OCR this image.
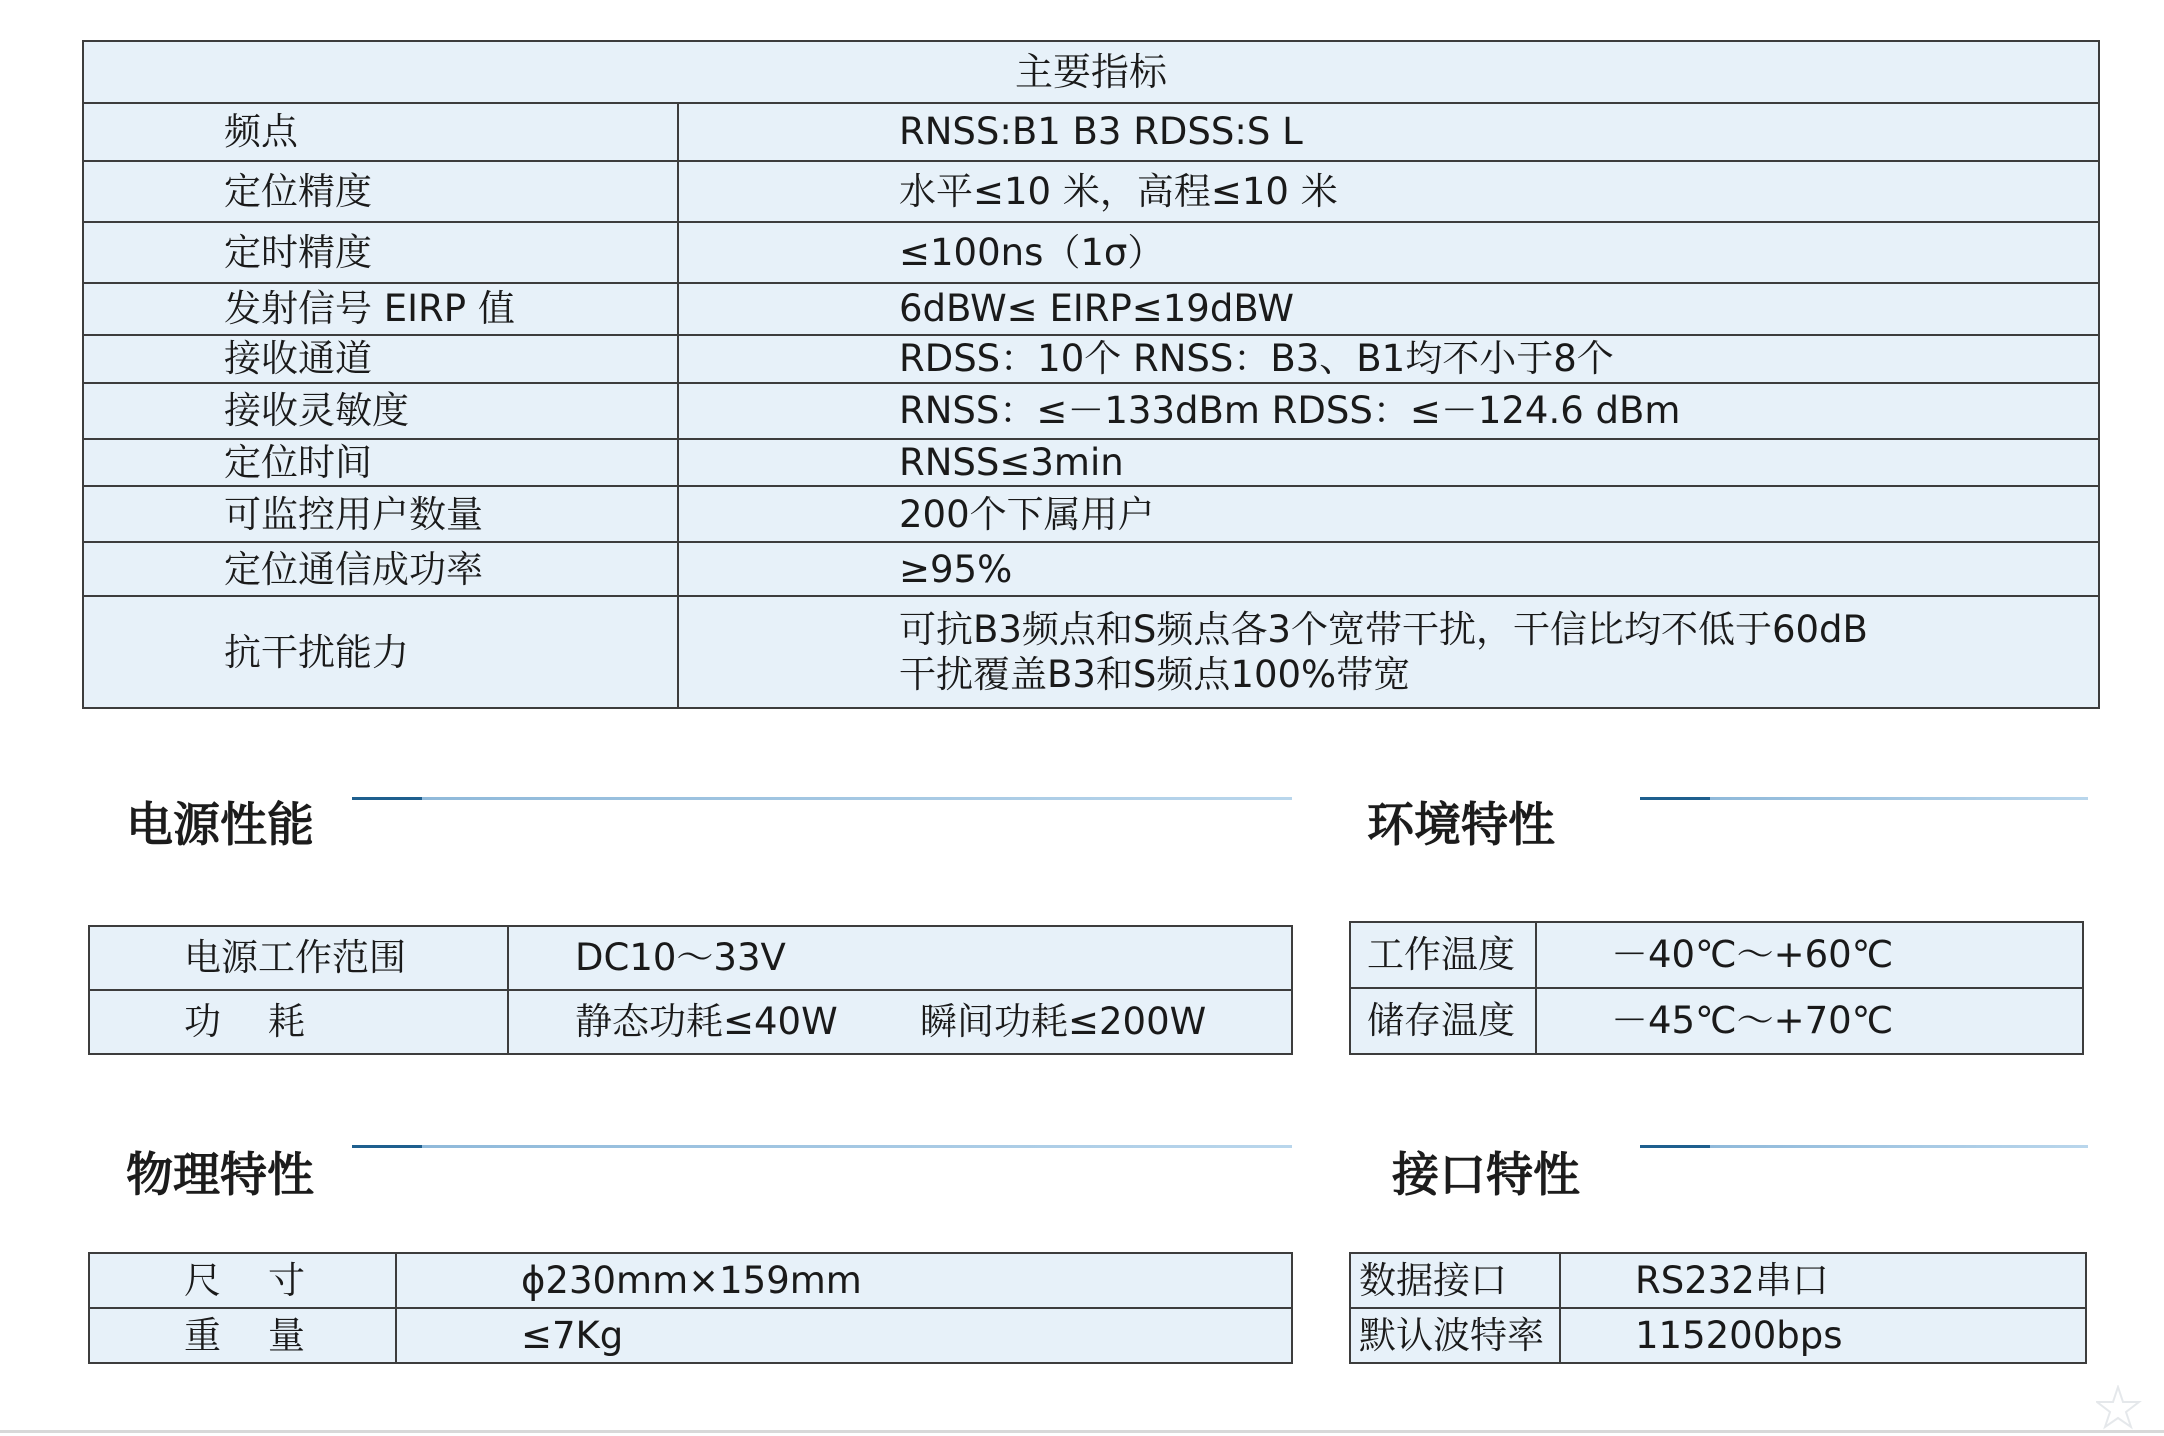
主要指标	
频点	RNSS:B1 B3 RDSS:S L
定位精度	水平≤10 米，高程≤10 米
定时精度	≤100ns（1σ）
发射信号 EIRP 值	6dBW≤ EIRP≤19dBW
接收通道	RDSS：10个 RNSS：B3、B1均不小于8个
接收灵敏度	RNSS：≤－133dBm RDSS：≤－124.6 dBm
定位时间	RNSS≤3min
可监控用户数量	200个下属用户
定位通信成功率	≥95%
抗干扰能力	可抗B3频点和S频点各3个宽带干扰，干信比均不低于60dB
干扰覆盖B3和S频点100%带宽
电源性能
电源工作范围	DC10～33V
功    耗	静态功耗≤40W       瞬间功耗≤200W
环境特性
工作温度	－40℃～+60℃
储存温度	－45℃～+70℃
物理特性
尺    寸	ϕ230mm×159mm
重    量	≤7Kg
接口特性
数据接口	RS232串口
默认波特率	115200bps
